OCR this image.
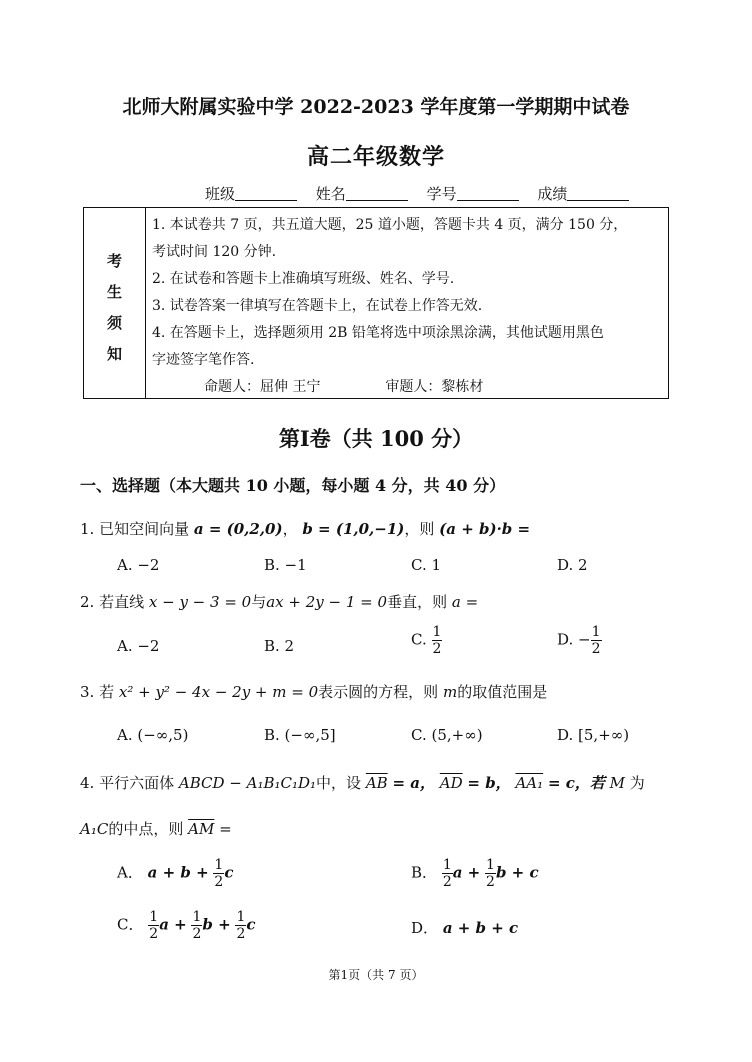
北师大附属实验中学 2022-2023 学年度第一学期期中试卷
高二年级数学
班级	姓名	学号	成绩
考
生
须
知
1. 本试卷共 7 页，共五道大题，25 道小题，答题卡共 4 页，满分 150 分，
考试时间 120 分钟.
2. 在试卷和答题卡上准确填写班级、姓名、学号.
3. 试卷答案一律填写在答题卡上，在试卷上作答无效.
4. 在答题卡上，选择题须用 2B 铅笔将选中项涂黑涂满，其他试题用黑色
字迹签字笔作答.
命题人：屈伸 王宁	审题人：黎栋材
第Ⅰ卷（共 100 分）
一、选择题（本大题共 10 小题，每小题 4 分，共 40 分）
1. 已知空间向量 a = (0,2,0)， b = (1,0,−1)，则 (a + b)·b =
A. −2	B. −1	C. 1	D. 2
2. 若直线 x − y − 3 = 0与ax + 2y − 1 = 0垂直，则 a =
A. −2	B. 2	C. $\frac{1}{2}$	D. − $\frac{1}{2}$
3. 若 x² + y² − 4x − 2y + m = 0表示圆的方程，则 m的取值范围是
A. (−∞,5)	B. (−∞,5]	C. (5,+∞)	D. [5,+∞)
4. 平行六面体 ABCD − A₁B₁C₁D₁中，设 $\overline{AB} = a$， $\overline{AD} = b$， AA₁ = c，若 M 为
A₁C的中点，则 $\overline{AM}$ =
A． $a + b + \frac{1}{2}$ c	B． $\frac{1}{2}$ $a + \frac{1}{2}$ b + c
C． $\frac{1}{2}$ $a + \frac{1}{2}$ $b + \frac{1}{2}$ c	D． a + b + c
第1页（共 7 页）
